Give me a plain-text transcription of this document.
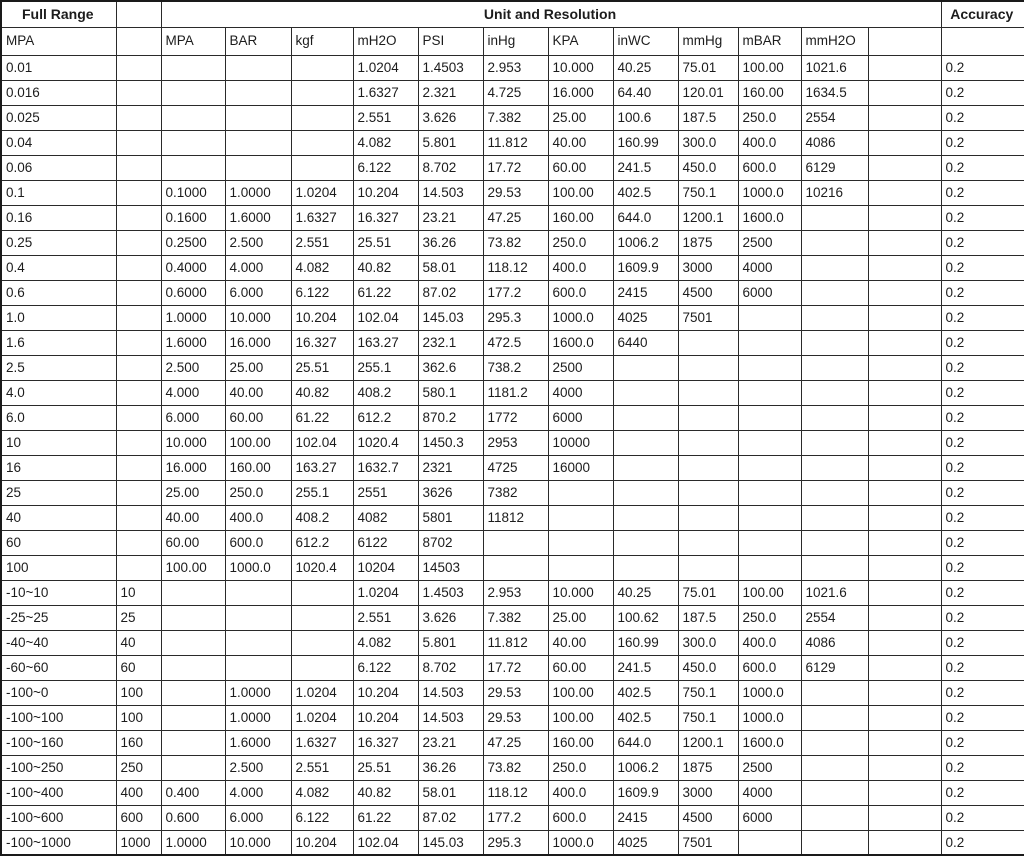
Full Range		Unit and Resolution												Accuracy
MPA		MPA	BAR	kgf	mH2O	PSI	inHg	KPA	inWC	mmHg	mBAR	mmH2O		
0.01					1.0204	1.4503	2.953	10.000	40.25	75.01	100.00	1021.6		0.2
0.016					1.6327	2.321	4.725	16.000	64.40	120.01	160.00	1634.5		0.2
0.025					2.551	3.626	7.382	25.00	100.6	187.5	250.0	2554		0.2
0.04					4.082	5.801	11.812	40.00	160.99	300.0	400.0	4086		0.2
0.06					6.122	8.702	17.72	60.00	241.5	450.0	600.0	6129		0.2
0.1		0.1000	1.0000	1.0204	10.204	14.503	29.53	100.00	402.5	750.1	1000.0	10216		0.2
0.16		0.1600	1.6000	1.6327	16.327	23.21	47.25	160.00	644.0	1200.1	1600.0			0.2
0.25		0.2500	2.500	2.551	25.51	36.26	73.82	250.0	1006.2	1875	2500			0.2
0.4		0.4000	4.000	4.082	40.82	58.01	118.12	400.0	1609.9	3000	4000			0.2
0.6		0.6000	6.000	6.122	61.22	87.02	177.2	600.0	2415	4500	6000			0.2
1.0		1.0000	10.000	10.204	102.04	145.03	295.3	1000.0	4025	7501				0.2
1.6		1.6000	16.000	16.327	163.27	232.1	472.5	1600.0	6440					0.2
2.5		2.500	25.00	25.51	255.1	362.6	738.2	2500						0.2
4.0		4.000	40.00	40.82	408.2	580.1	1181.2	4000						0.2
6.0		6.000	60.00	61.22	612.2	870.2	1772	6000						0.2
10		10.000	100.00	102.04	1020.4	1450.3	2953	10000						0.2
16		16.000	160.00	163.27	1632.7	2321	4725	16000						0.2
25		25.00	250.0	255.1	2551	3626	7382							0.2
40		40.00	400.0	408.2	4082	5801	11812							0.2
60		60.00	600.0	612.2	6122	8702								0.2
100		100.00	1000.0	1020.4	10204	14503								0.2
-10~10	10				1.0204	1.4503	2.953	10.000	40.25	75.01	100.00	1021.6		0.2
-25~25	25				2.551	3.626	7.382	25.00	100.62	187.5	250.0	2554		0.2
-40~40	40				4.082	5.801	11.812	40.00	160.99	300.0	400.0	4086		0.2
-60~60	60				6.122	8.702	17.72	60.00	241.5	450.0	600.0	6129		0.2
-100~0	100		1.0000	1.0204	10.204	14.503	29.53	100.00	402.5	750.1	1000.0			0.2
-100~100	100		1.0000	1.0204	10.204	14.503	29.53	100.00	402.5	750.1	1000.0			0.2
-100~160	160		1.6000	1.6327	16.327	23.21	47.25	160.00	644.0	1200.1	1600.0			0.2
-100~250	250		2.500	2.551	25.51	36.26	73.82	250.0	1006.2	1875	2500			0.2
-100~400	400	0.400	4.000	4.082	40.82	58.01	118.12	400.0	1609.9	3000	4000			0.2
-100~600	600	0.600	6.000	6.122	61.22	87.02	177.2	600.0	2415	4500	6000			0.2
-100~1000	1000	1.0000	10.000	10.204	102.04	145.03	295.3	1000.0	4025	7501				0.2
